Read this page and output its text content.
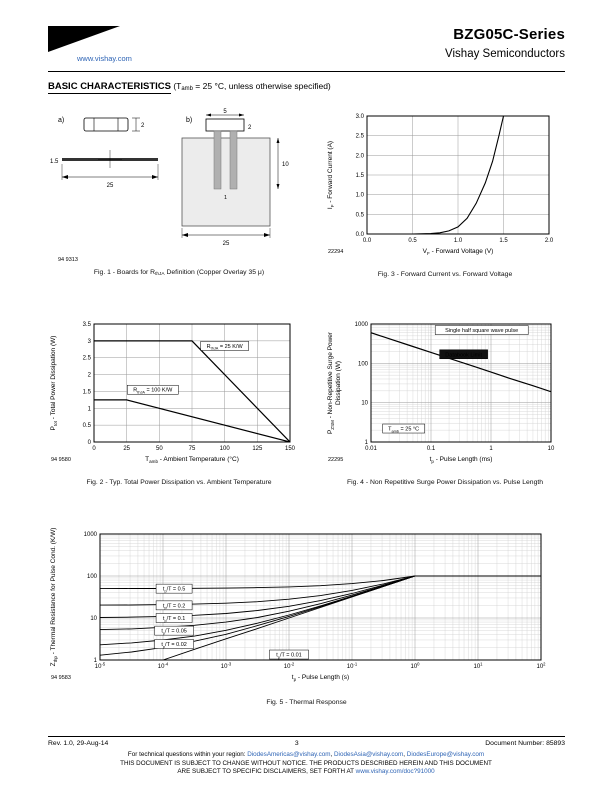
VISHAY.
www.vishay.com
BZG05C-Series
Vishay Semiconductors
BASIC CHARACTERISTICS (Tamb = 25 °C, unless otherwise specified)
a)
2
1.5
25
b)
5
2
10
1
25
94 9313
Fig. 1 - Boards for RthJA Definition (Copper Overlay 35 μ)
0.0	0.5	1.0	1.5	2.0
0.0
0.5
1.0
1.5
2.0
2.5
3.0
$V_F$ - Forward Voltage (V)
$I_F$ - Forward Current (A)
22294
Fig. 3 - Forward Current vs. Forward Voltage
0	25	50	75	100	125	150
0
0.5
1
1.5
2
2.5
3
3.5
$T_{amb}$ - Ambient Temperature (°C)
$P_{tot}$ - Total Power Dissipation (W)	$R_{thJA} = 25$ K/W
$R_{thJA} = 100$ K/W
94 9580
Fig. 2 - Typ. Total Power Dissipation vs. Ambient Temperature
0.01	0.1	1	10
1
10
100
1000
$t_p$ - Pulse Length (ms)
$P_{ZSM}$ - Non-Repetitive Surge Power Dissipation (W)
Single half square wave pulse
Databook Limit
$T_{amb} = 25$ °C
22295
Fig. 4 - Non Repetitive Surge Power Dissipation vs. Pulse Length
$10^{-5}$	$10^{-4}$	$10^{-3}$	$10^{-2}$	$10^{-1}$	$10^0$	$10^1$	$10^2$
1
10
100
1000
$t_p$ - Pulse Length (s)
$Z_{thp}$ - Thermal Resistance for Pulse Cond. (K/W)	$t_p/T = 0.5$
$t_p/T = 0.2$
$t_p/T = 0.1$
$t_p/T = 0.05$
$t_p/T = 0.02$
$t_p/T = 0.01$
94 9583
Fig. 5 - Thermal Response
Rev. 1.0, 29-Aug-14	3	Document Number: 85893
For technical questions within your region: DiodesAmericas@vishay.com, DiodesAsia@vishay.com, DiodesEurope@vishay.com
THIS DOCUMENT IS SUBJECT TO CHANGE WITHOUT NOTICE. THE PRODUCTS DESCRIBED HEREIN AND THIS DOCUMENT
ARE SUBJECT TO SPECIFIC DISCLAIMERS, SET FORTH AT www.vishay.com/doc?91000
